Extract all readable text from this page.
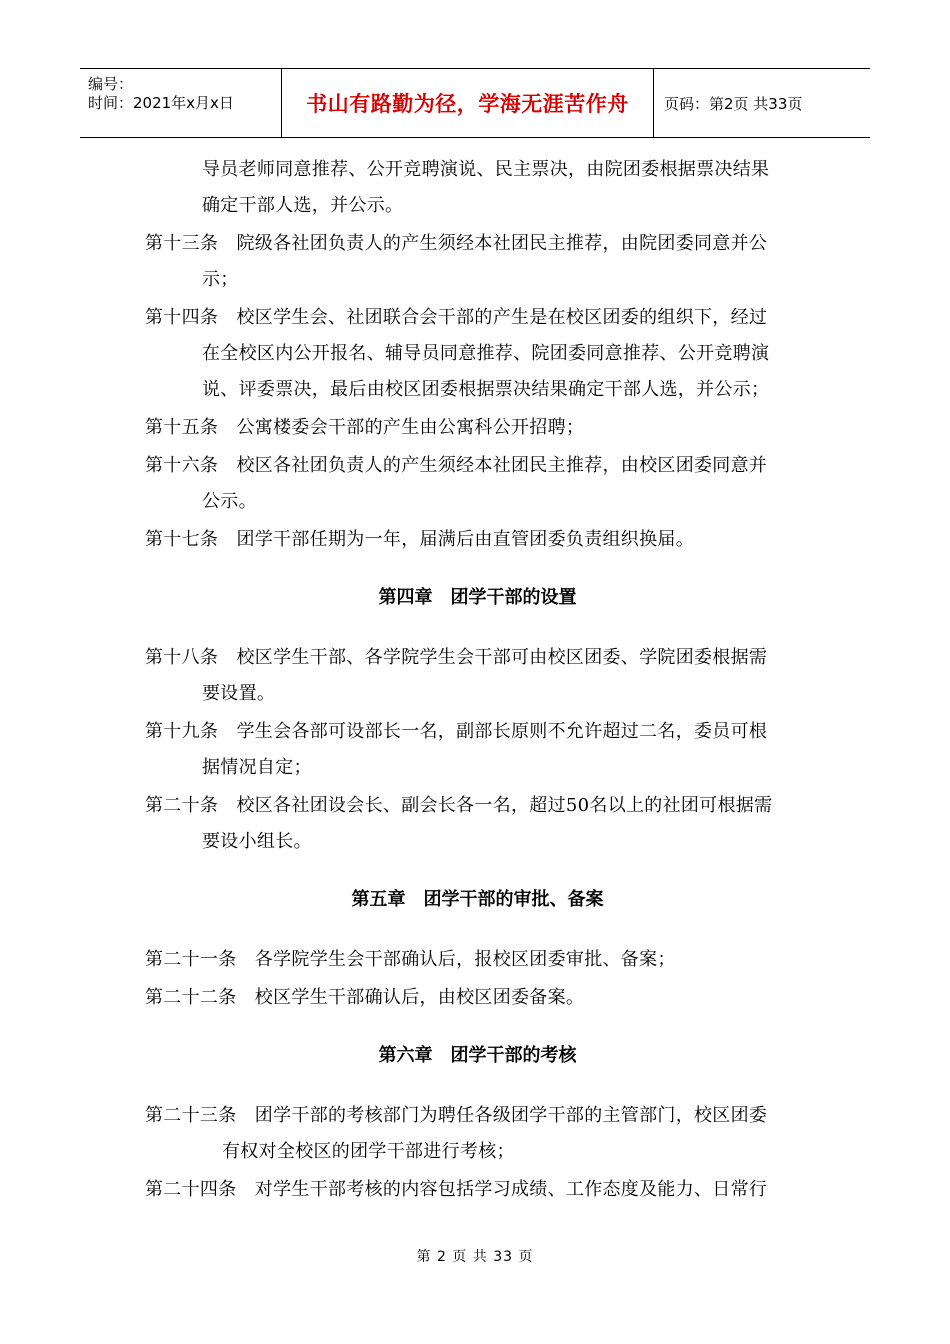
编号：
时间：2021年x月x日	书山有路勤为径，学海无涯苦作舟	页码：第2页 共33页
导员老师同意推荐、公开竞聘演说、民主票决，由院团委根据票决结果
确定干部人选，并公示。
第十三条　院级各社团负责人的产生须经本社团民主推荐，由院团委同意并公
示；
第十四条　校区学生会、社团联合会干部的产生是在校区团委的组织下，经过
在全校区内公开报名、辅导员同意推荐、院团委同意推荐、公开竞聘演
说、评委票决，最后由校区团委根据票决结果确定干部人选，并公示；
第十五条　公寓楼委会干部的产生由公寓科公开招聘；
第十六条　校区各社团负责人的产生须经本社团民主推荐，由校区团委同意并
公示。
第十七条　团学干部任期为一年，届满后由直管团委负责组织换届。
第四章　团学干部的设置
第十八条　校区学生干部、各学院学生会干部可由校区团委、学院团委根据需
要设置。
第十九条　学生会各部可设部长一名，副部长原则不允许超过二名，委员可根
据情况自定；
第二十条　校区各社团设会长、副会长各一名，超过50名以上的社团可根据需
要设小组长。
第五章　团学干部的审批、备案
第二十一条　各学院学生会干部确认后，报校区团委审批、备案；
第二十二条　校区学生干部确认后，由校区团委备案。
第六章　团学干部的考核
第二十三条　团学干部的考核部门为聘任各级团学干部的主管部门，校区团委
有权对全校区的团学干部进行考核；
第二十四条　对学生干部考核的内容包括学习成绩、工作态度及能力、日常行
第 2 页 共 33 页
